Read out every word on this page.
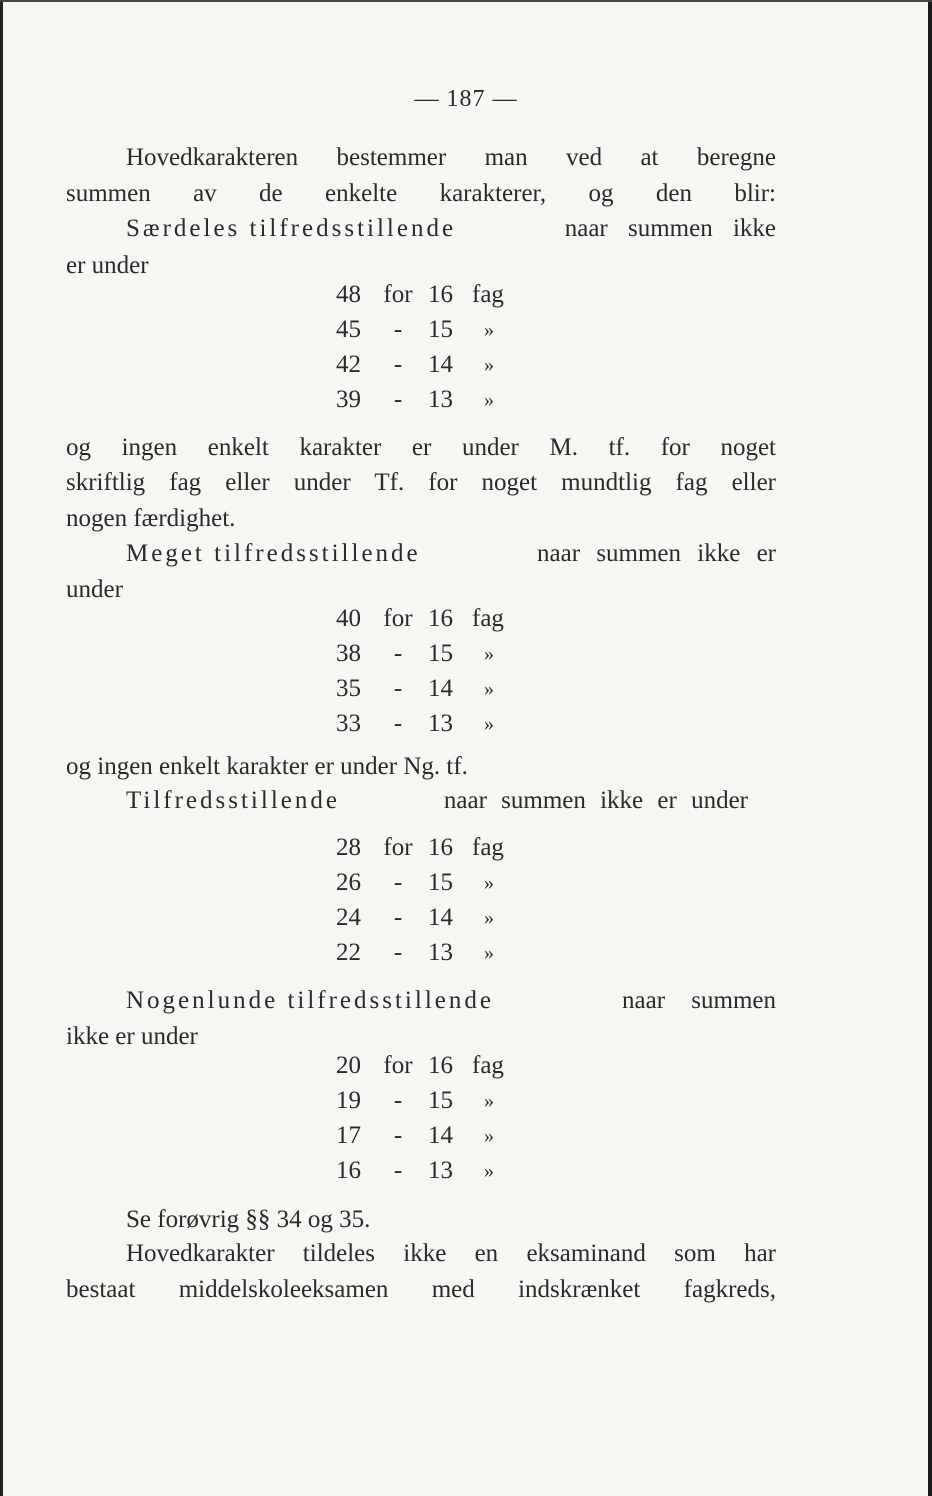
— 187 —
Hovedkarakteren bestemmer man ved at beregne
summen av de enkelte karakterer, og den blir:
Særdeles tilfredsstillende	naar summen ikke
er under
48 for 16 fag
45	-	15	»
42	-	14	»
39	-	13	»
og ingen enkelt karakter er under M. tf. for noget
skriftlig fag eller under Tf. for noget mundtlig fag eller
nogen færdighet.
Meget tilfredsstillende	naar summen ikke er
under
40 for 16 fag
38	-	15	»
35	-	14	»
33	-	13	»
og ingen enkelt karakter er under Ng. tf.
Tilfredsstillende	naar summen ikke er under
28 for 16 fag
26	-	15	»
24	-	14	»
22	-	13	»
Nogenlunde tilfredsstillende	naar summen
ikke er under
20 for 16 fag
19	-	15	»
17	-	14	»
16	-	13	»
Se forøvrig §§ 34 og 35.
Hovedkarakter tildeles ikke en eksaminand som har
bestaat middelskoleeksamen med indskrænket fagkreds,
